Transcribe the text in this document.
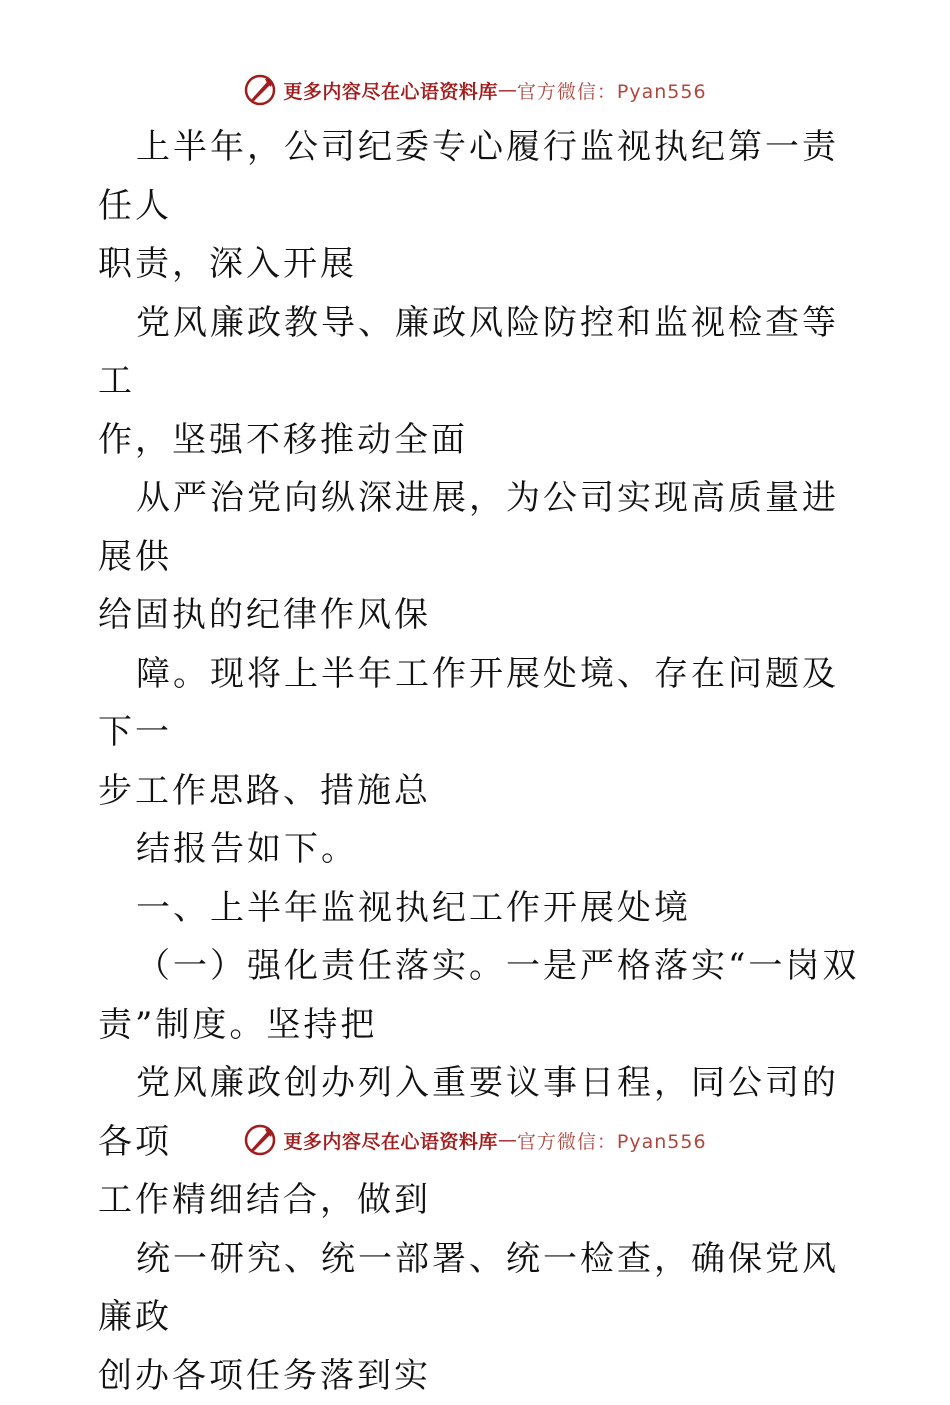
更多内容尽在心语资料库 — 官方微信：Pyan556

上半年，公司纪委专心履行监视执纪第一责任人
职责，深入开展

党风廉政教导、廉政风险防控和监视检查等工
作，坚强不移推动全面

从严治党向纵深进展，为公司实现高质量进展供
给固执的纪律作风保

障。现将上半年工作开展处境、存在问题及下一
步工作思路、措施总

结报告如下。

一、上半年监视执纪工作开展处境

（一）强化责任落实。一是严格落实“一岗双
责”制度。坚持把

党风廉政创办列入重要议事日程，同公司的各项
工作精细结合，做到

统一研究、统一部署、统一检查，确保党风廉政
创办各项任务落到实

更多内容尽在心语资料库 — 官方微信：Pyan556
